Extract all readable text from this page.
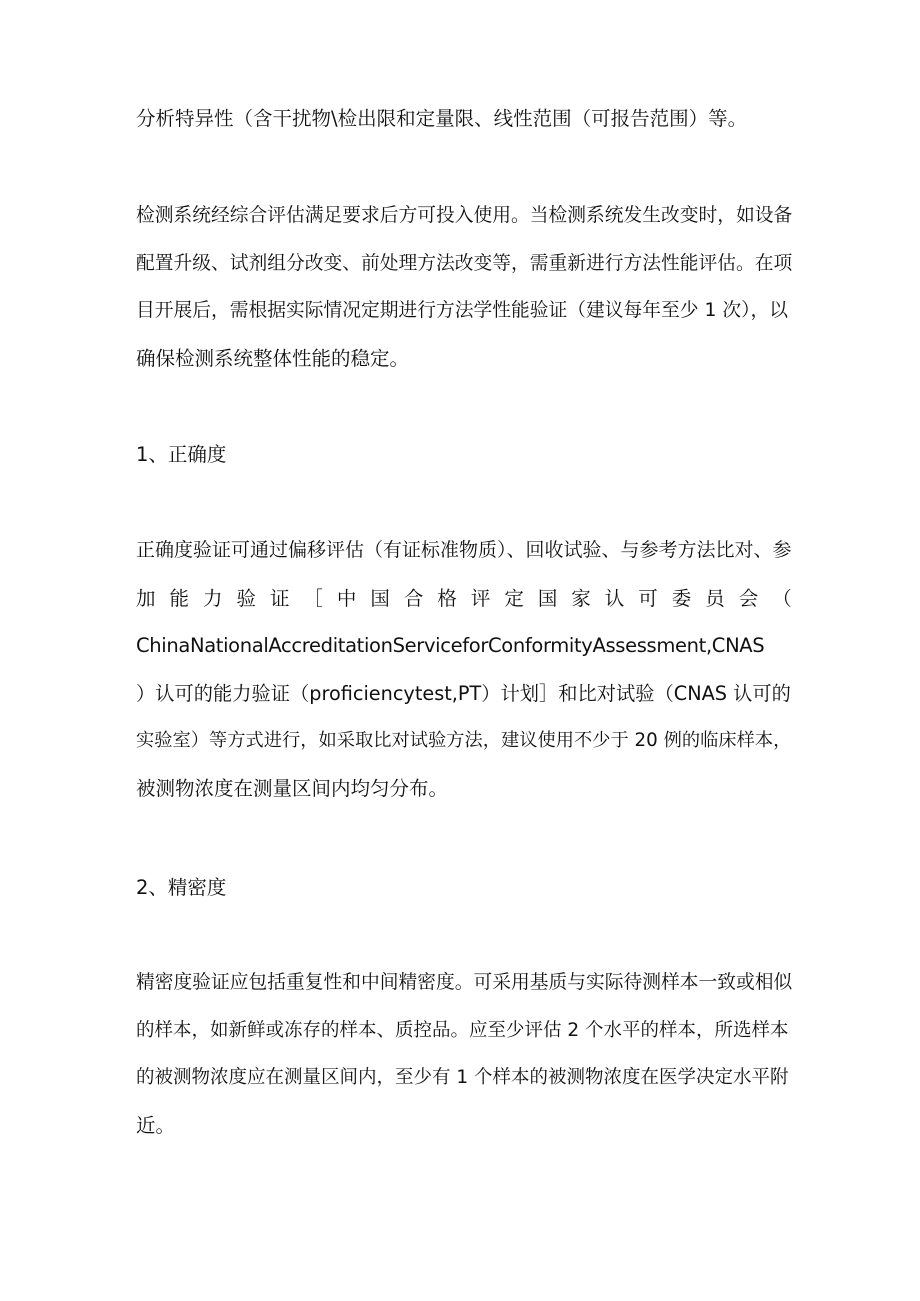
分析特异性（含干扰物\检出限和定量限、线性范围（可报告范围）等。

检测系统经综合评估满足要求后方可投入使用。当检测系统发生改变时，如设备
配置升级、试剂组分改变、前处理方法改变等，需重新进行方法性能评估。在项
目开展后，需根据实际情况定期进行方法学性能验证（建议每年至少 1 次），以
确保检测系统整体性能的稳定。

1、正确度

正确度验证可通过偏移评估（有证标准物质）、回收试验、与参考方法比对、参
加 能 力 验 证 ［ 中 国 合 格 评 定 国 家 认 可 委 员 会 （
ChinaNationalAccreditationServiceforConformityAssessment,CNAS
）认可的能力验证（proficiencytest,PT）计划］和比对试验（CNAS 认可的
实验室）等方式进行，如采取比对试验方法，建议使用不少于 20 例的临床样本，
被测物浓度在测量区间内均匀分布。

2、精密度

精密度验证应包括重复性和中间精密度。可采用基质与实际待测样本一致或相似
的样本，如新鲜或冻存的样本、质控品。应至少评估 2 个水平的样本，所选样本
的被测物浓度应在测量区间内，至少有 1 个样本的被测物浓度在医学决定水平附
近。
